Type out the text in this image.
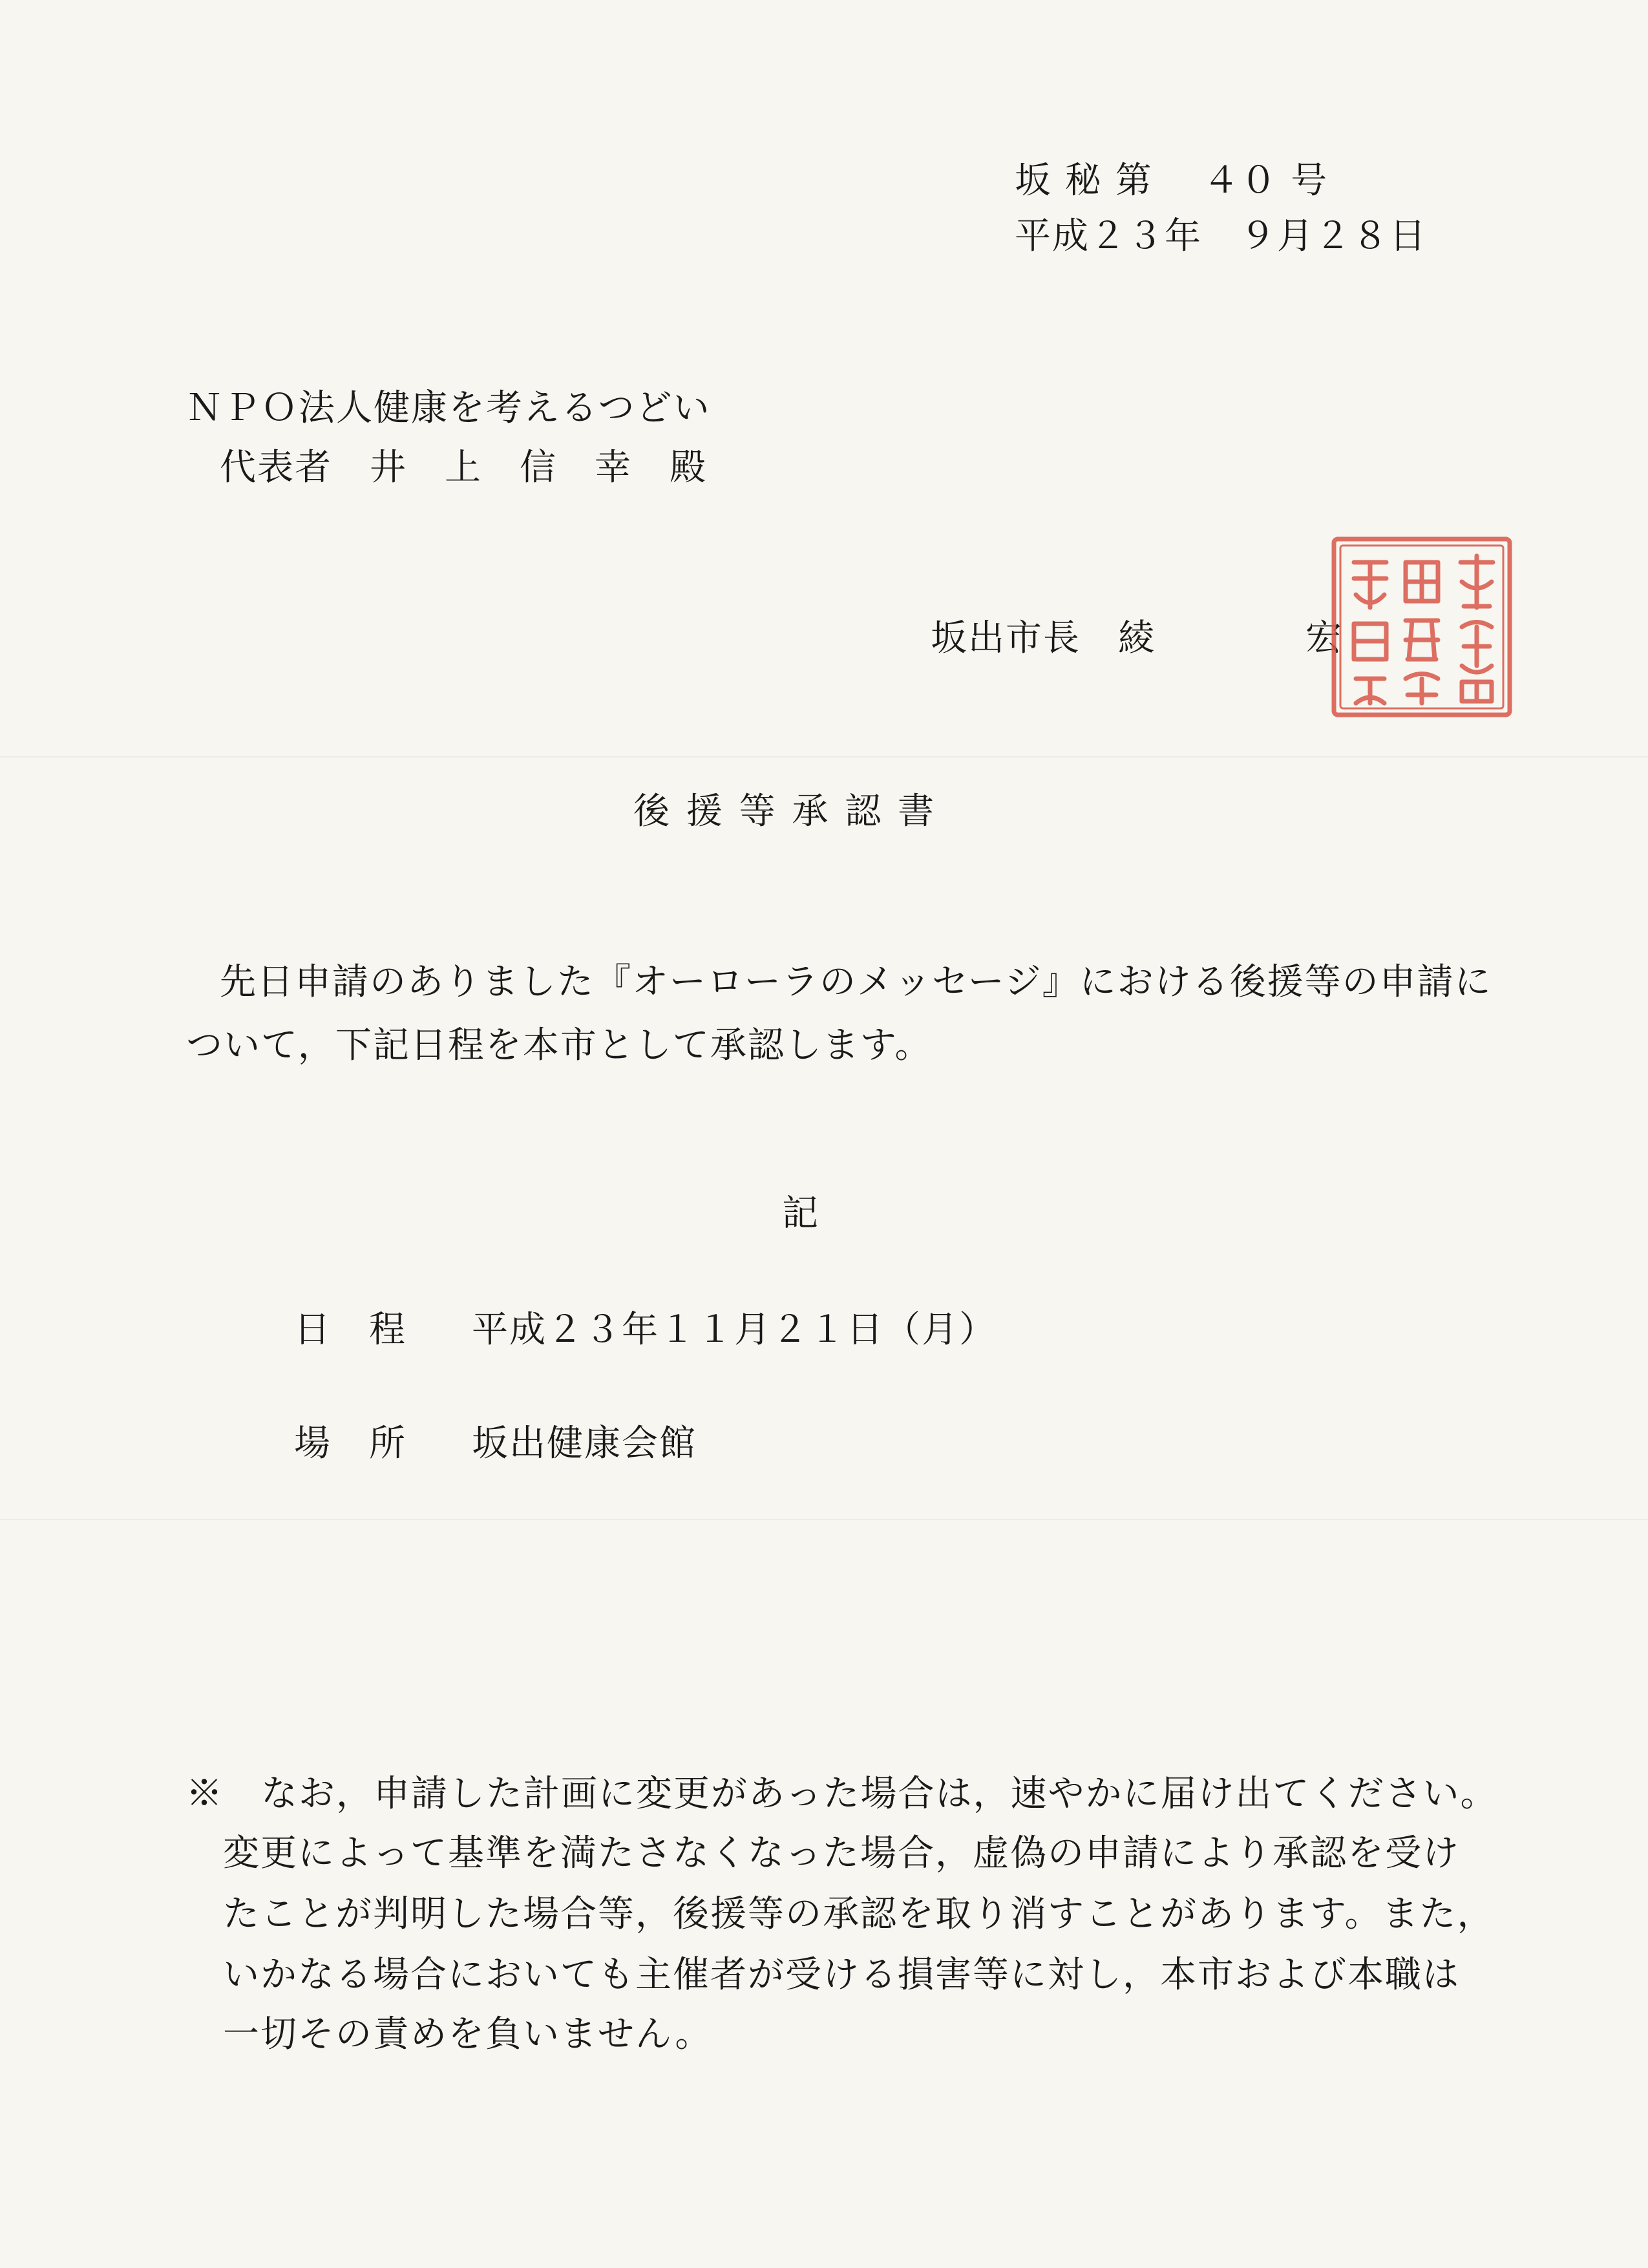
坂 秘 第　 ４０ 号
平成２３年　９月２８日
ＮＰＯ法人健康を考えるつどい
代表者　井　上　信　幸　殿
坂出市長　綾　　　　宏
後 援 等 承 認 書
先日申請のありました『オーローラのメッセージ』における後援等の申請に
ついて，下記日程を本市として承認します。
記
日　程 平成２３年１１月２１日（月）
場　所 坂出健康会館
※　なお，申請した計画に変更があった場合は，速やかに届け出てください。
変更によって基準を満たさなくなった場合，虚偽の申請により承認を受け
たことが判明した場合等，後援等の承認を取り消すことがあります。また，
いかなる場合においても主催者が受ける損害等に対し，本市および本職は
一切その責めを負いません。
